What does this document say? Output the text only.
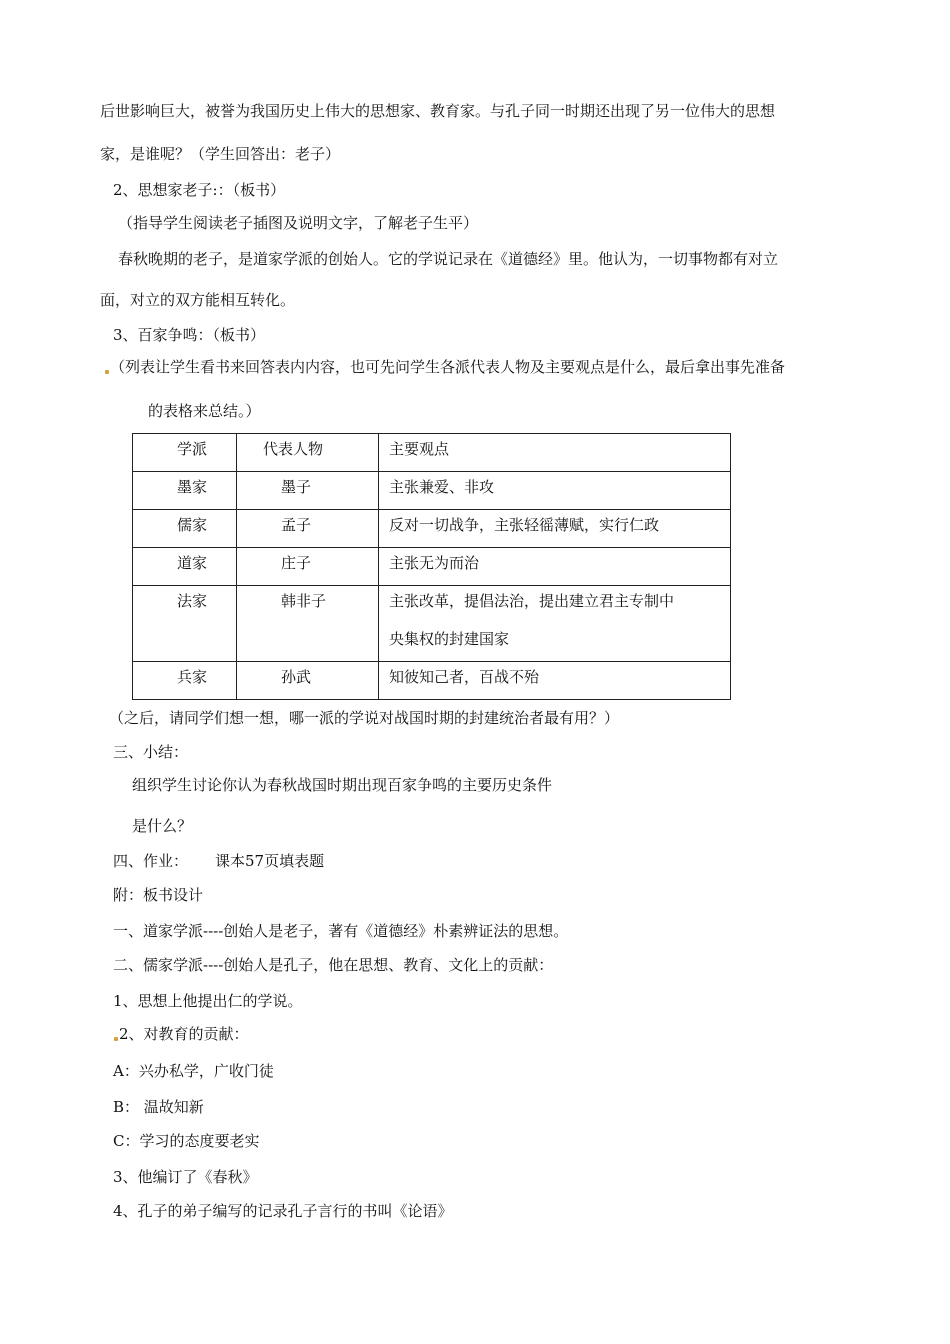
后世影响巨大，被誉为我国历史上伟大的思想家、教育家。与孔子同一时期还出现了另一位伟大的思想
家，是谁呢？（学生回答出：老子）
2、思想家老子:：（板书）
（指导学生阅读老子插图及说明文字，了解老子生平）
春秋晚期的老子，是道家学派的创始人。它的学说记录在《道德经》里。他认为，一切事物都有对立
面，对立的双方能相互转化。
3、百家争鸣：（板书）
（列表让学生看书来回答表内内容，也可先问学生各派代表人物及主要观点是什么，最后拿出事先准备
的表格来总结。）
学派	代表人物	主要观点
墨家	墨子	主张兼爱、非攻
儒家	孟子	反对一切战争，主张轻徭薄赋，实行仁政
道家	庄子	主张无为而治
法家	韩非子	主张改革，提倡法治，提出建立君主专制中
央集权的封建国家

兵家	孙武	知彼知己者，百战不殆
（之后，请同学们想一想，哪一派的学说对战国时期的封建统治者最有用？）
三、小结：
组织学生讨论你认为春秋战国时期出现百家争鸣的主要历史条件
是什么？
四、作业： 课本57页填表题
附：板书设计
一、道家学派----创始人是老子，著有《道德经》朴素辨证法的思想。
二、儒家学派----创始人是孔子，他在思想、教育、文化上的贡献：
1、思想上他提出仁的学说。
2、对教育的贡献：
A：兴办私学，广收门徒
B： 温故知新
C：学习的态度要老实
3、他编订了《春秋》
4、孔子的弟子编写的记录孔子言行的书叫《论语》
